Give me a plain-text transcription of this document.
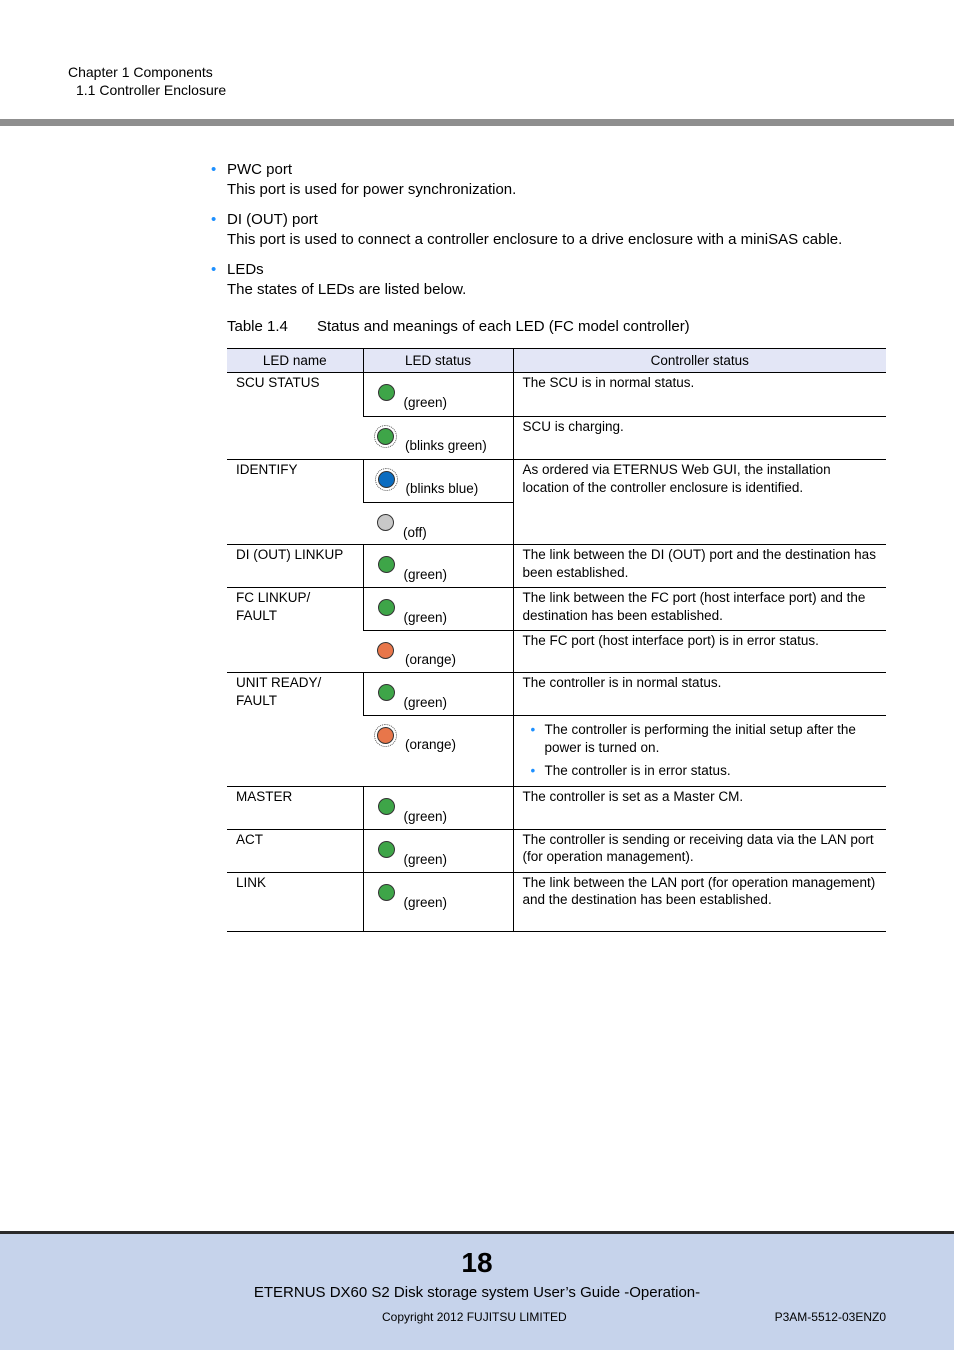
Chapter 1 Components
1.1 Controller Enclosure
• PWC port
This port is used for power synchronization.
• DI (OUT) port
This port is used to connect a controller enclosure to a drive enclosure with a miniSAS cable.
• LEDs
The states of LEDs are listed below.
Table 1.4 Status and meanings of each LED (FC model controller)
LED name	LED status	Controller status
SCU STATUS	(green)	The SCU is in normal status.

	(blinks green)	SCU is charging.
IDENTIFY	(blinks blue)	As ordered via ETERNUS Web GUI, the installation location of the controller enclosure is identified.

	(off)	

DI (OUT) LINKUP	(green)	The link between the DI (OUT) port and the destination has been established.
FC LINKUP/ FAULT	(green)	The link between the FC port (host interface port) and the destination has been established.

	(orange)	The FC port (host interface port) is in error status.
UNIT READY/ FAULT	(green)	The controller is in normal status.

	(orange)	• The controller is performing the initial setup after the power is turned on.
• The controller is in error status.

MASTER	(green)	The controller is set as a Master CM.
ACT	(green)	The controller is sending or receiving data via the LAN port (for operation management).
LINK	(green)	The link between the LAN port (for operation management) and the destination has been established.
18
ETERNUS DX60 S2 Disk storage system User’s Guide -Operation-
Copyright 2012 FUJITSU LIMITED	P3AM-5512-03ENZ0
